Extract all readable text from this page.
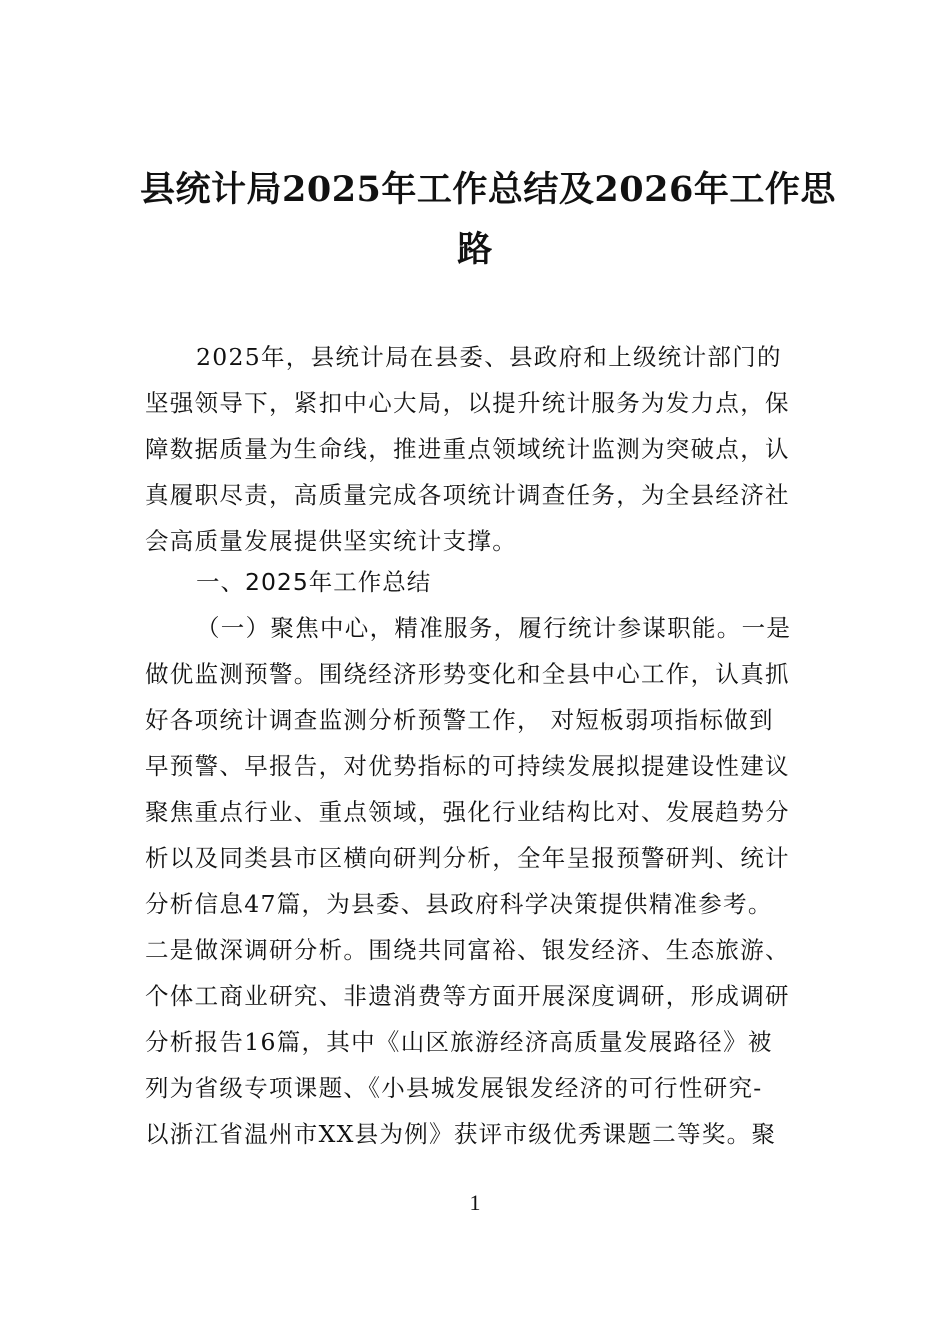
县统计局2025年工作总结及2026年工作思
路
2025年，县统计局在县委、县政府和上级统计部门的
坚强领导下，紧扣中心大局，以提升统计服务为发力点，保
障数据质量为生命线，推进重点领域统计监测为突破点，认
真履职尽责，高质量完成各项统计调查任务，为全县经济社
会高质量发展提供坚实统计支撑。
一、2025年工作总结
（一）聚焦中心，精准服务，履行统计参谋职能。一是
做优监测预警。围绕经济形势变化和全县中心工作，认真抓
好各项统计调查监测分析预警工作， 对短板弱项指标做到
早预警、早报告，对优势指标的可持续发展拟提建设性建议
聚焦重点行业、重点领域，强化行业结构比对、发展趋势分
析以及同类县市区横向研判分析，全年呈报预警研判、统计
分析信息47篇，为县委、县政府科学决策提供精准参考。
二是做深调研分析。围绕共同富裕、银发经济、生态旅游、
个体工商业研究、非遗消费等方面开展深度调研，形成调研
分析报告16篇，其中《山区旅游经济高质量发展路径》被
列为省级专项课题、《小县城发展银发经济的可行性研究-
以浙江省温州市XX县为例》获评市级优秀课题二等奖。聚
1
